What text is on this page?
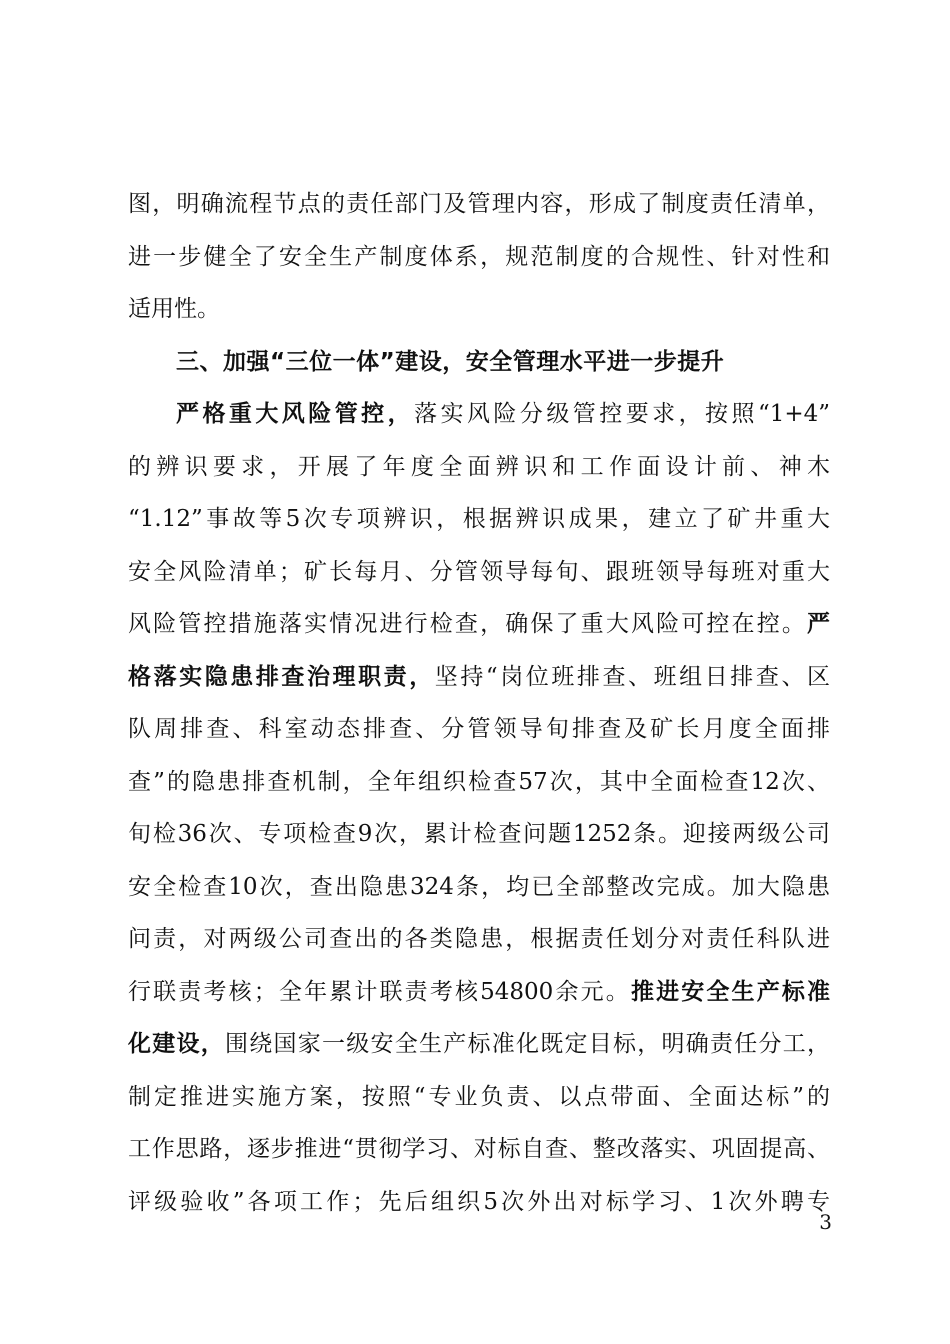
图，明确流程节点的责任部门及管理内容，形成了制度责任清单，
进一步健全了安全生产制度体系，规范制度的合规性、针对性和
适用性。
三、加强“三位一体”建设，安全管理水平进一步提升
严格重大风险管控，落实风险分级管控要求，按照“1+4”
的辨识要求，开展了年度全面辨识和工作面设计前、神木
“1.12”事故等5次专项辨识，根据辨识成果，建立了矿井重大
安全风险清单；矿长每月、分管领导每旬、跟班领导每班对重大
风险管控措施落实情况进行检查，确保了重大风险可控在控。严
格落实隐患排查治理职责，坚持“岗位班排查、班组日排查、区
队周排查、科室动态排查、分管领导旬排查及矿长月度全面排
查”的隐患排查机制，全年组织检查57次，其中全面检查12次、
旬检36次、专项检查9次，累计检查问题1252条。迎接两级公司
安全检查10次，查出隐患324条，均已全部整改完成。加大隐患
问责，对两级公司查出的各类隐患，根据责任划分对责任科队进
行联责考核；全年累计联责考核54800余元。推进安全生产标准
化建设，围绕国家一级安全生产标准化既定目标，明确责任分工，
制定推进实施方案，按照“专业负责、以点带面、全面达标”的
工作思路，逐步推进“贯彻学习、对标自查、整改落实、巩固提高、
评级验收”各项工作；先后组织5次外出对标学习、1次外聘专
3
